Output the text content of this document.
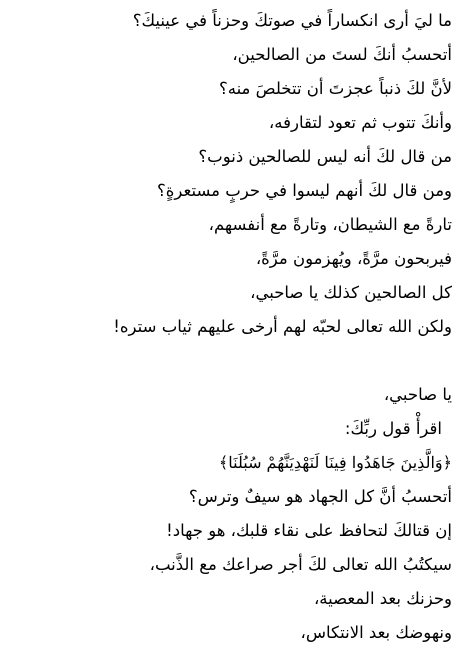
ما ليَ أرى انكساراً في صوتكَ وحزناً في عينيكَ؟
أتحسبُ أنكَ لستَ من الصالحين،
لأنَّ لكَ ذنباً عجزتَ أن تتخلصَ منه؟
وأنكَ تتوب ثم تعود لتقارفه،
من قال لكَ أنه ليس للصالحين ذنوب؟
ومن قال لكَ أنهم ليسوا في حربٍ مستعرةٍ؟
تارةً مع الشيطان، وتارةً مع أنفسهم،
فيربحون مرَّةً، ويُهزمون مرَّةً،
كل الصالحين كذلك يا صاحبي،
ولكن الله تعالى لحبّه لهم أرخى عليهم ثياب ستره!
يا صاحبي،
اقرأْ قول ربِّكَ:
﴿وَالَّذِينَ جَاهَدُوا فِينَا لَنَهْدِيَنَّهُمْ سُبُلَنَا﴾
أتحسبُ أنَّ كل الجهاد هو سيفٌ وترس؟
إن قتالكَ لتحافظ على نقاء قلبك، هو جهاد!
سيكتُبُ الله تعالى لكَ أجر صراعك مع الذَّنب،
وحزنك بعد المعصية،
ونهوضك بعد الانتكاس،
